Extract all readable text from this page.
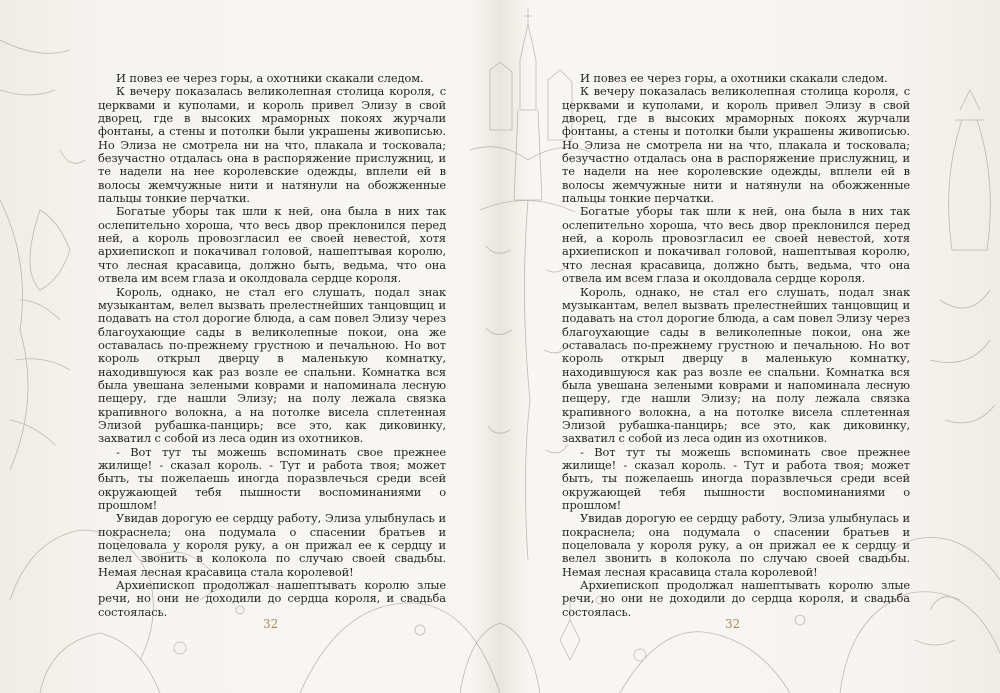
И повез ее через горы, а охотники скакали следом.

К вечеру показалась великолепная столица короля, с церквами и куполами, и король привел Элизу в свой дворец, где в высоких мраморных покоях журчали фонтаны, а стены и потолки были украшены живописью. Но Элиза не смотрела ни на что, плакала и тосковала; безучастно отдалась она в распоряжение прислужниц, и те надели на нее королевские одежды, вплели ей в волосы жемчужные нити и натянули на обожженные пальцы тонкие перчатки.

Богатые уборы так шли к ней, она была в них так ослепительно хороша, что весь двор преклонился перед ней, а король провозгласил ее своей невестой, хотя архиепископ и покачивал головой, нашептывая королю, что лесная красавица, должно быть, ведьма, что она отвела им всем глаза и околдовала сердце короля.

Король, однако, не стал его слушать, подал знак музыкантам, велел вызвать прелестнейших танцовщиц и подавать на стол дорогие блюда, а сам повел Элизу через благоухающие сады в великолепные покои, она же оставалась по-прежнему грустною и печальною. Но вот король открыл дверцу в маленькую комнатку, находившуюся как раз возле ее спальни. Комнатка вся была увешана зелеными коврами и напоминала лесную пещеру, где нашли Элизу; на полу лежала связка крапивного волокна, а на потолке висела сплетенная Элизой рубашка-панцирь; все это, как диковинку, захватил с собой из леса один из охотников.

- Вот тут ты можешь вспоминать свое прежнее жилище! - сказал король. - Тут и работа твоя; может быть, ты пожелаешь иногда поразвлечься среди всей окружающей тебя пышности воспоминаниями о прошлом!

Увидав дорогую ее сердцу работу, Элиза улыбнулась и покраснела; она подумала о спасении братьев и поцеловала у короля руку, а он прижал ее к сердцу и велел звонить в колокола по случаю своей свадьбы. Немая лесная красавица стала королевой!

Архиепископ продолжал нашептывать королю злые речи, но они не доходили до сердца короля, и свадьба состоялась.

И повез ее через горы, а охотники скакали следом.

К вечеру показалась великолепная столица короля, с церквами и куполами, и король привел Элизу в свой дворец, где в высоких мраморных покоях журчали фонтаны, а стены и потолки были украшены живописью. Но Элиза не смотрела ни на что, плакала и тосковала; безучастно отдалась она в распоряжение прислужниц, и те надели на нее королевские одежды, вплели ей в волосы жемчужные нити и натянули на обожженные пальцы тонкие перчатки.

Богатые уборы так шли к ней, она была в них так ослепительно хороша, что весь двор преклонился перед ней, а король провозгласил ее своей невестой, хотя архиепископ и покачивал головой, нашептывая королю, что лесная красавица, должно быть, ведьма, что она отвела им всем глаза и околдовала сердце короля.

Король, однако, не стал его слушать, подал знак музыкантам, велел вызвать прелестнейших танцовщиц и подавать на стол дорогие блюда, а сам повел Элизу через благоухающие сады в великолепные покои, она же оставалась по-прежнему грустною и печальною. Но вот король открыл дверцу в маленькую комнатку, находившуюся как раз возле ее спальни. Комнатка вся была увешана зелеными коврами и напоминала лесную пещеру, где нашли Элизу; на полу лежала связка крапивного волокна, а на потолке висела сплетенная Элизой рубашка-панцирь; все это, как диковинку, захватил с собой из леса один из охотников.

- Вот тут ты можешь вспоминать свое прежнее жилище! - сказал король. - Тут и работа твоя; может быть, ты пожелаешь иногда поразвлечься среди всей окружающей тебя пышности воспоминаниями о прошлом!

Увидав дорогую ее сердцу работу, Элиза улыбнулась и покраснела; она подумала о спасении братьев и поцеловала у короля руку, а он прижал ее к сердцу и велел звонить в колокола по случаю своей свадьбы. Немая лесная красавица стала королевой!

Архиепископ продолжал нашептывать королю злые речи, но они не доходили до сердца короля, и свадьба состоялась.

32	32
